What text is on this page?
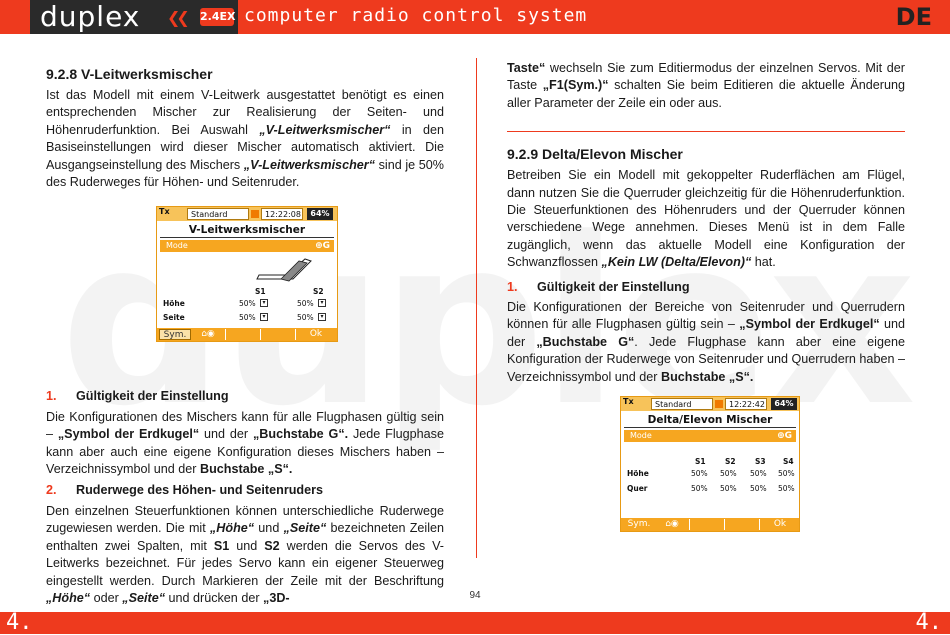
duplex ❮❮ 2.4EX computer radio control system	DE
9.2.8 V-Leitwerksmischer

Ist das Modell mit einem V-Leitwerk ausgestattet benötigt es einen entsprechenden Mischer zur Realisierung der Seiten- und Höhenruderfunktion. Bei Auswahl „V-Leitwerksmischer“ in den Basiseinstellungen wird dieser Mischer automatisch aktiviert. Die Ausgangseinstellung des Mischers „V-Leitwerksmischer“ sind je 50% des Ruderweges für Höhen- und Seitenruder.

1.	Gültigkeit der Einstellung

Die Konfigurationen des Mischers kann für alle Flugphasen gültig sein – „Symbol der Erdkugel“ und der „Buchstabe G“. Jede Flugphase kann aber auch eine eigene Konfiguration dieses Mischers haben – Verzeichnissymbol und der Buchstabe „S“.

2.	Ruderwege des Höhen- und Seitenruders

Den einzelnen Steuerfunktionen können unterschiedliche Ruderwege zugewiesen werden. Die mit „Höhe“ und „Seite“ bezeichneten Zeilen enthalten zwei Spalten, mit S1 und S2 werden die Servos des V-Leitwerks bezeichnet. Für jedes Servo kann ein eigener Steuerweg eingestellt werden. Durch Markieren der Zeile mit der Beschriftung „Höhe“ oder „Seite“ und drücken der „3D-

Tx	Standard	12:22:08	64%
V-Leitwerksmischer
Mode	⊕G
S1	S2
Höhe	50%	▾	50%	▾
Seite	50%	▾	50%	▾
Sym.	⌂◉	Ok

Taste“ wechseln Sie zum Editiermodus der einzelnen Servos. Mit der Taste „F1(Sym.)“ schalten Sie beim Editieren die aktuelle Änderung aller Parameter der Zeile ein oder aus.

9.2.9 Delta/Elevon Mischer

Betreiben Sie ein Modell mit gekoppelter Ruderflächen am Flügel, dann nutzen Sie die Querruder gleichzeitig für die Höhenruderfunktion. Die Steuerfunktionen des Höhenruders und der Querruder können verschiedene Wege annehmen. Dieses Menü ist in dem Falle zugänglich, wenn das aktuelle Modell eine Konfiguration der Schwanzflossen „Kein LW (Delta/Elevon)“ hat.

1.	Gültigkeit der Einstellung

Die Konfigurationen der Bereiche von Seitenruder und Querrudern können für alle Flugphasen gültig sein – „Symbol der Erdkugel“ und der „Buchstabe G“. Jede Flugphase kann aber eine eigene Konfiguration der Ruderwege von Seitenruder und Querrudern haben – Verzeichnissymbol und der Buchstabe „S“.

Tx	Standard	12:22:42	64%
Delta/Elevon Mischer
Mode	⊕G
S1	S2	S3 S4
Höhe	50% 50% 50% 50%
Quer	50% 50% 50% 50%
Sym.	⌂◉	Ok
94
4.	4.
